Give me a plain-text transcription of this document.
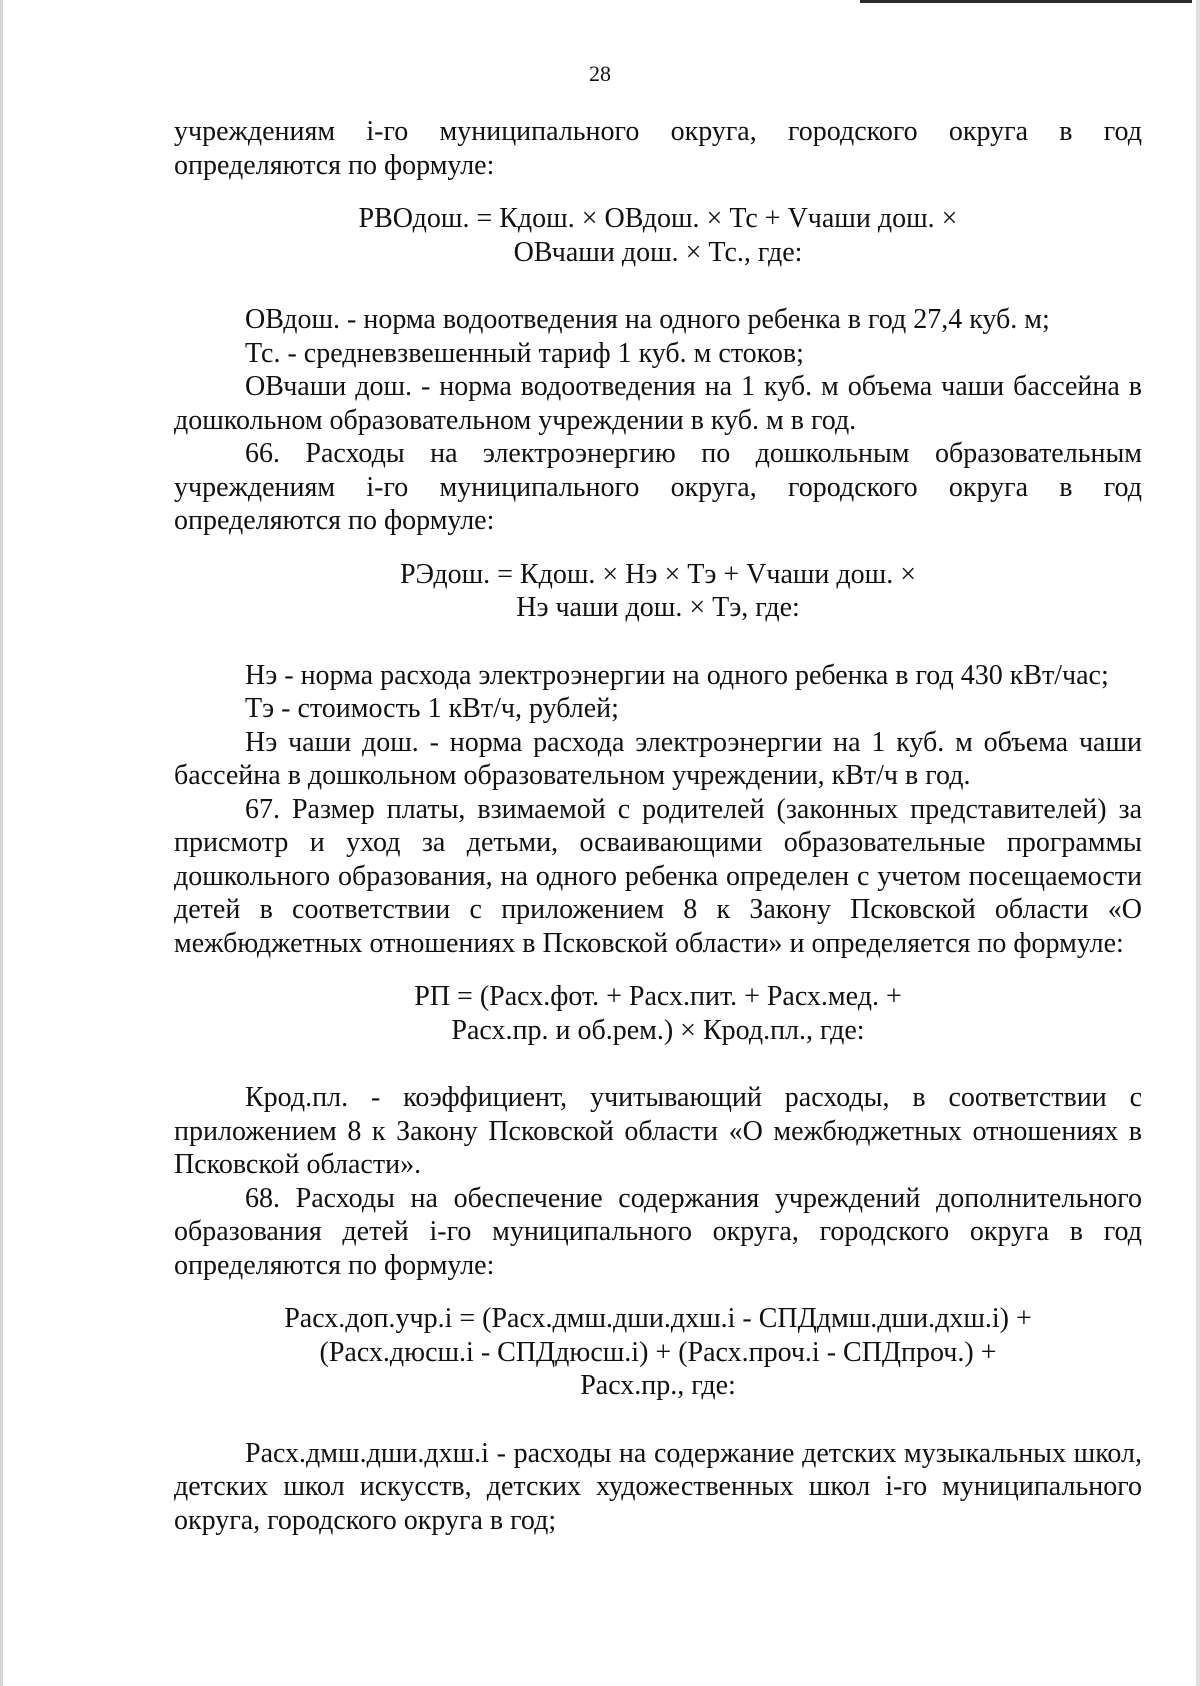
28

учреждениям i-го муниципального округа, городского округа в год определяются по формуле:

РВОдош. = Кдош. × ОВдош. × Тс + Vчаши дош. ×
ОВчаши дош. × Тс., где:

ОВдош. - норма водоотведения на одного ребенка в год 27,4 куб. м;

Тс. - средневзвешенный тариф 1 куб. м стоков;

ОВчаши дош. - норма водоотведения на 1 куб. м объема чаши бассейна в дошкольном образовательном учреждении в куб. м в год.

66. Расходы на электроэнергию по дошкольным образовательным учреждениям i-го муниципального округа, городского округа в год определяются по формуле:

РЭдош. = Кдош. × Нэ × Тэ + Vчаши дош. ×
Нэ чаши дош. × Тэ, где:

Нэ - норма расхода электроэнергии на одного ребенка в год 430 кВт/час;

Тэ - стоимость 1 кВт/ч, рублей;

Нэ чаши дош. - норма расхода электроэнергии на 1 куб. м объема чаши бассейна в дошкольном образовательном учреждении, кВт/ч в год.

67. Размер платы, взимаемой с родителей (законных представителей) за присмотр и уход за детьми, осваивающими образовательные программы дошкольного образования, на одного ребенка определен с учетом посещаемости детей в соответствии с приложением 8 к Закону Псковской области «О межбюджетных отношениях в Псковской области» и определяется по формуле:

РП = (Расх.фот. + Расх.пит. + Расх.мед. +
Расх.пр. и об.рем.) × Крод.пл., где:

Крод.пл. - коэффициент, учитывающий расходы, в соответствии с приложением 8 к Закону Псковской области «О межбюджетных отношениях в Псковской области».

68. Расходы на обеспечение содержания учреждений дополнительного образования детей i-го муниципального округа, городского округа в год определяются по формуле:

Расх.доп.учр.i = (Расх.дмш.дши.дхш.i - СПДдмш.дши.дхш.i) +
(Расх.дюсш.i - СПДдюсш.i) + (Расх.проч.i - СПДпроч.) +
Расх.пр., где:

Расх.дмш.дши.дхш.i - расходы на содержание детских музыкальных школ, детских школ искусств, детских художественных школ i-го муниципального округа, городского округа в год;
